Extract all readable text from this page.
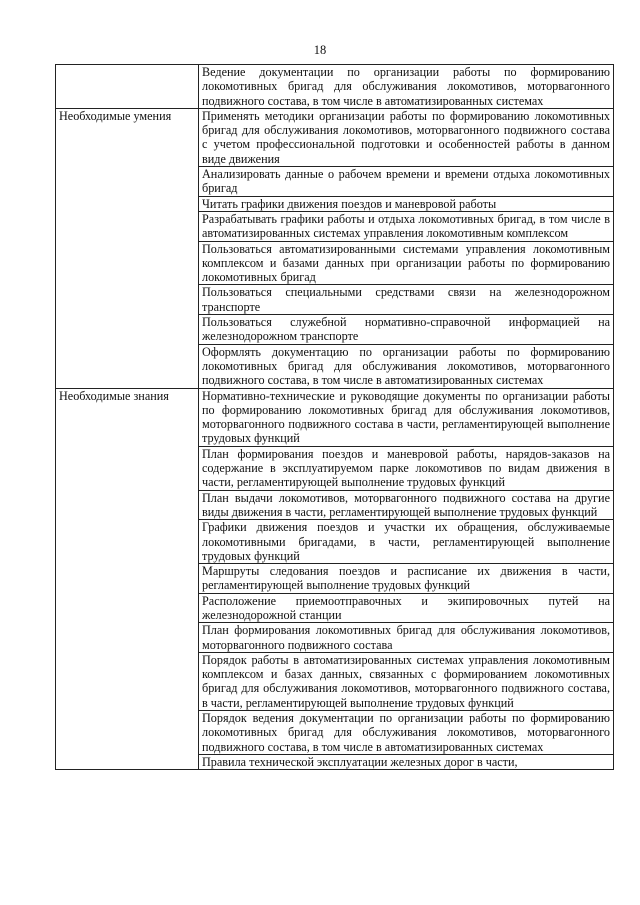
18
	Ведение документации по организации работы по формированию локомотивных бригад для обслуживания локомотивов, моторвагонного подвижного состава, в том числе в автоматизированных системах
Необходимые умения	Применять методики организации работы по формированию локомотивных бригад для обслуживания локомотивов, моторвагонного подвижного состава с учетом профессиональной подготовки и особенностей работы в данном виде движения
	Анализировать данные о рабочем времени и времени отдыха локомотивных бригад
	Читать графики движения поездов и маневровой работы
	Разрабатывать графики работы и отдыха локомотивных бригад, в том числе в автоматизированных системах управления локомотивным комплексом
	Пользоваться автоматизированными системами управления локомотивным комплексом и базами данных при организации работы по формированию локомотивных бригад
	Пользоваться специальными средствами связи на железнодорожном транспорте
	Пользоваться служебной нормативно-справочной информацией на железнодорожном транспорте
	Оформлять документацию по организации работы по формированию локомотивных бригад для обслуживания локомотивов, моторвагонного подвижного состава, в том числе в автоматизированных системах
Необходимые знания	Нормативно-технические и руководящие документы по организации работы по формированию локомотивных бригад для обслуживания локомотивов, моторвагонного подвижного состава в части, регламентирующей выполнение трудовых функций
	План формирования поездов и маневровой работы, нарядов-заказов на содержание в эксплуатируемом парке локомотивов по видам движения в части, регламентирующей выполнение трудовых функций
	План выдачи локомотивов, моторвагонного подвижного состава на другие виды движения в части, регламентирующей выполнение трудовых функций
	Графики движения поездов и участки их обращения, обслуживаемые локомотивными бригадами, в части, регламентирующей выполнение трудовых функций
	Маршруты следования поездов и расписание их движения в части, регламентирующей выполнение трудовых функций
	Расположение приемоотправочных и экипировочных путей на железнодорожной станции
	План формирования локомотивных бригад для обслуживания локомотивов, моторвагонного подвижного состава
	Порядок работы в автоматизированных системах управления локомотивным комплексом и базах данных, связанных с формированием локомотивных бригад для обслуживания локомотивов, моторвагонного подвижного состава, в части, регламентирующей выполнение трудовых функций
	Порядок ведения документации по организации работы по формированию локомотивных бригад для обслуживания локомотивов, моторвагонного подвижного состава, в том числе в автоматизированных системах
	Правила технической эксплуатации железных дорог в части,
